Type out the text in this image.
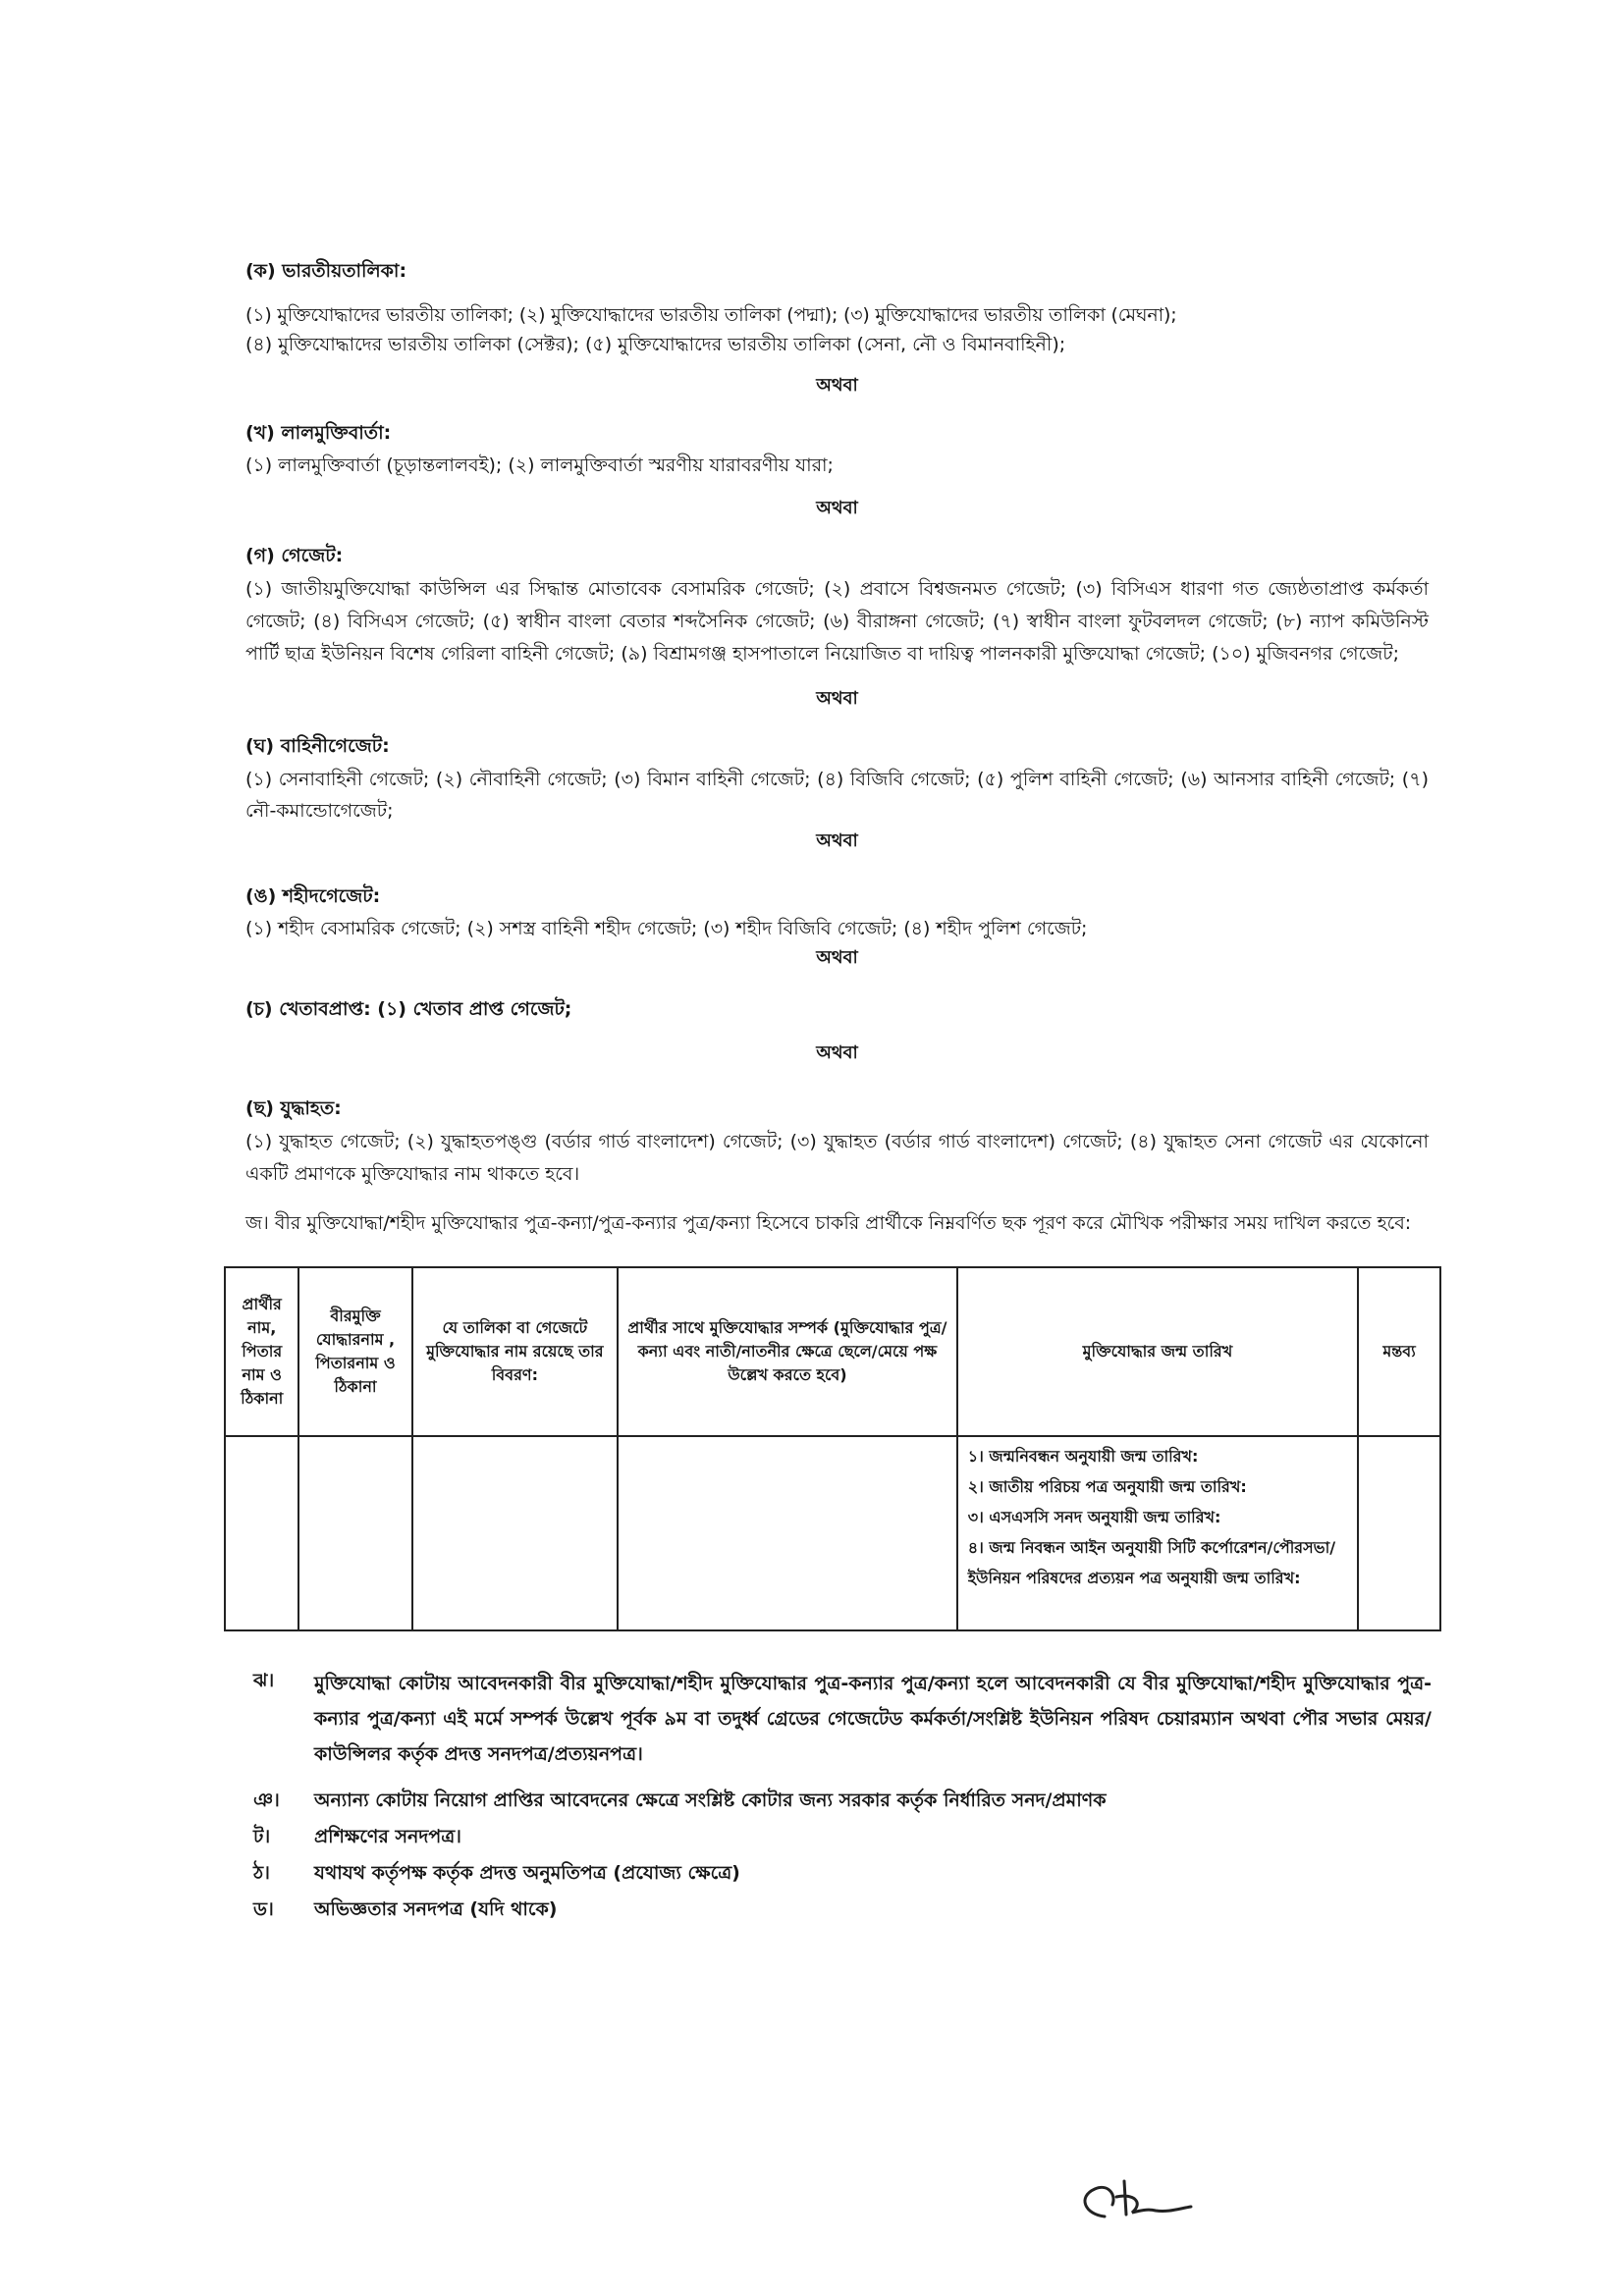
(ক) ভারতীয়তালিকা:

(১) মুক্তিযোদ্ধাদের ভারতীয় তালিকা; (২) মুক্তিযোদ্ধাদের ভারতীয় তালিকা (পদ্মা); (৩) মুক্তিযোদ্ধাদের ভারতীয় তালিকা (মেঘনা);

(৪) মুক্তিযোদ্ধাদের ভারতীয় তালিকা (সেক্টর); (৫) মুক্তিযোদ্ধাদের ভারতীয় তালিকা (সেনা, নৌ ও বিমানবাহিনী);

অথবা

(খ) লালমুক্তিবার্তা:

(১) লালমুক্তিবার্তা (চূড়ান্তলালবই); (২) লালমুক্তিবার্তা স্মরণীয় যারাবরণীয় যারা;

অথবা

(গ) গেজেট:

(১) জাতীয়মুক্তিযোদ্ধা কাউন্সিল এর সিদ্ধান্ত মোতাবেক বেসামরিক গেজেট; (২) প্রবাসে বিশ্বজনমত গেজেট; (৩) বিসিএস ধারণা গত জ্যেষ্ঠতাপ্রাপ্ত কর্মকর্তা গেজেট; (৪) বিসিএস গেজেট; (৫) স্বাধীন বাংলা বেতার শব্দসৈনিক গেজেট; (৬) বীরাঙ্গনা গেজেট; (৭) স্বাধীন বাংলা ফুটবলদল গেজেট; (৮) ন্যাপ কমিউনিস্ট পার্টি ছাত্র ইউনিয়ন বিশেষ গেরিলা বাহিনী গেজেট; (৯) বিশ্রামগঞ্জ হাসপাতালে নিয়োজিত বা দায়িত্ব পালনকারী মুক্তিযোদ্ধা গেজেট; (১০) মুজিবনগর গেজেট;

অথবা

(ঘ) বাহিনীগেজেট:

(১) সেনাবাহিনী গেজেট; (২) নৌবাহিনী গেজেট; (৩) বিমান বাহিনী গেজেট; (৪) বিজিবি গেজেট; (৫) পুলিশ বাহিনী গেজেট; (৬) আনসার বাহিনী গেজেট; (৭) নৌ-কমান্ডোগেজেট;

অথবা

(ঙ) শহীদগেজেট:

(১) শহীদ বেসামরিক গেজেট; (২) সশস্ত্র বাহিনী শহীদ গেজেট; (৩) শহীদ বিজিবি গেজেট; (৪) শহীদ পুলিশ গেজেট;

অথবা

(চ) খেতাবপ্রাপ্ত: (১) খেতাব প্রাপ্ত গেজেট;

অথবা

(ছ) যুদ্ধাহত:

(১) যুদ্ধাহত গেজেট; (২) যুদ্ধাহতপঙ্গু (বর্ডার গার্ড বাংলাদেশ) গেজেট; (৩) যুদ্ধাহত (বর্ডার গার্ড বাংলাদেশ) গেজেট; (৪) যুদ্ধাহত সেনা গেজেট এর যেকোনো একটি প্রমাণকে মুক্তিযোদ্ধার নাম থাকতে হবে।

জ। বীর মুক্তিযোদ্ধা/শহীদ মুক্তিযোদ্ধার পুত্র-কন্যা/পুত্র-কন্যার পুত্র/কন্যা হিসেবে চাকরি প্রার্থীকে নিম্নবর্ণিত ছক পূরণ করে মৌখিক পরীক্ষার সময় দাখিল করতে হবে:

প্রার্থীর নাম, পিতার নাম ও ঠিকানা	বীরমুক্তি যোদ্ধারনাম , পিতারনাম ও ঠিকানা	যে তালিকা বা গেজেটে মুক্তিযোদ্ধার নাম রয়েছে তার বিবরণ:	প্রার্থীর সাথে মুক্তিযোদ্ধার সম্পর্ক (মুক্তিযোদ্ধার পুত্র/কন্যা এবং নাতী/নাতনীর ক্ষেত্রে ছেলে/মেয়ে পক্ষ উল্লেখ করতে হবে)	মুক্তিযোদ্ধার জন্ম তারিখ	মন্তব্য

				১। জন্মনিবন্ধন অনুযায়ী জন্ম তারিখ:
২। জাতীয় পরিচয় পত্র অনুযায়ী জন্ম তারিখ:
৩। এসএসসি সনদ অনুযায়ী জন্ম তারিখ:
৪। জন্ম নিবন্ধন আইন অনুযায়ী সিটি কর্পোরেশন/পৌরসভা/ইউনিয়ন পরিষদের প্রত্যয়ন পত্র অনুযায়ী জন্ম তারিখ:	

ঝ।	মুক্তিযোদ্ধা কোটায় আবেদনকারী বীর মুক্তিযোদ্ধা/শহীদ মুক্তিযোদ্ধার পুত্র-কন্যার পুত্র/কন্যা হলে আবেদনকারী যে বীর মুক্তিযোদ্ধা/শহীদ মুক্তিযোদ্ধার পুত্র-কন্যার পুত্র/কন্যা এই মর্মে সম্পর্ক উল্লেখ পূর্বক ৯ম বা তদুর্ধ্ব গ্রেডের গেজেটেড কর্মকর্তা/সংশ্লিষ্ট ইউনিয়ন পরিষদ চেয়ারম্যান অথবা পৌর সভার মেয়র/কাউন্সিলর কর্তৃক প্রদত্ত সনদপত্র/প্রত্যয়নপত্র।
ঞ।	অন্যান্য কোটায় নিয়োগ প্রাপ্তির আবেদনের ক্ষেত্রে সংশ্লিষ্ট কোটার জন্য সরকার কর্তৃক নির্ধারিত সনদ/প্রমাণক
ট।	প্রশিক্ষণের সনদপত্র।
ঠ।	যথাযথ কর্তৃপক্ষ কর্তৃক প্রদত্ত অনুমতিপত্র (প্রযোজ্য ক্ষেত্রে)
ড।	অভিজ্ঞতার সনদপত্র (যদি থাকে)
